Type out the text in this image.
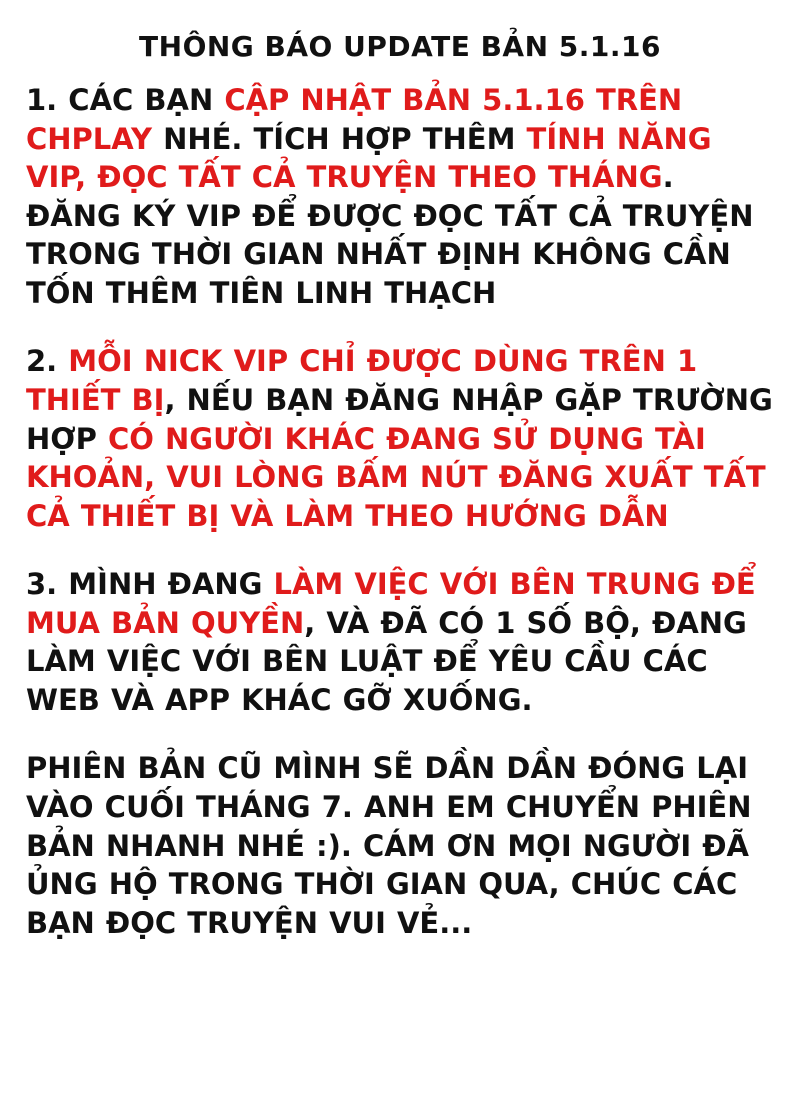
THÔNG BÁO UPDATE BẢN 5.1.16
1. CÁC BẠN CẬP NHẬT BẢN 5.1.16 TRÊN CHPLAY NHÉ. TÍCH HỢP THÊM TÍNH NĂNG VIP, ĐỌC TẤT CẢ TRUYỆN THEO THÁNG. ĐĂNG KÝ VIP ĐỂ ĐƯỢC ĐỌC TẤT CẢ TRUYỆN TRONG THỜI GIAN NHẤT ĐỊNH KHÔNG CẦN TỐN THÊM TIÊN LINH THẠCH
2. MỖI NICK VIP CHỈ ĐƯỢC DÙNG TRÊN 1 THIẾT BỊ, NẾU BẠN ĐĂNG NHẬP GẶP TRƯỜNG HỢP CÓ NGƯỜI KHÁC ĐANG SỬ DỤNG TÀI KHOẢN, VUI LÒNG BẤM NÚT ĐĂNG XUẤT TẤT CẢ THIẾT BỊ VÀ LÀM THEO HƯỚNG DẪN
3. MÌNH ĐANG LÀM VIỆC VỚI BÊN TRUNG ĐỂ MUA BẢN QUYỀN, VÀ ĐÃ CÓ 1 SỐ BỘ, ĐANG LÀM VIỆC VỚI BÊN LUẬT ĐỂ YÊU CẦU CÁC WEB VÀ APP KHÁC GỠ XUỐNG.
PHIÊN BẢN CŨ MÌNH SẼ DẦN DẦN ĐÓNG LẠI VÀO CUỐI THÁNG 7. ANH EM CHUYỂN PHIÊN BẢN NHANH NHÉ :). CÁM ƠN MỌI NGƯỜI ĐÃ ỦNG HỘ TRONG THỜI GIAN QUA, CHÚC CÁC BẠN ĐỌC TRUYỆN VUI VẺ...
